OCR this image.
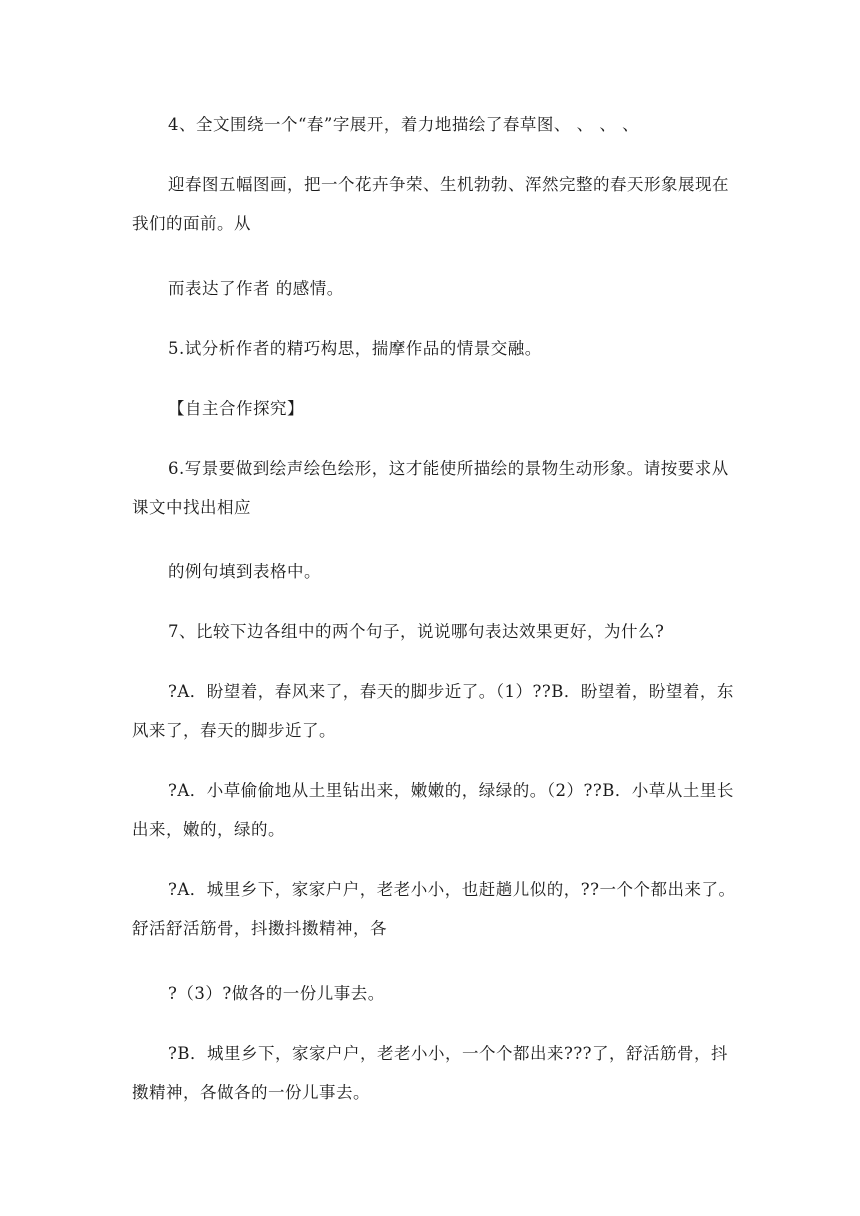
4、全文围绕一个“春”字展开，着力地描绘了春草图、 、 、 、
迎春图五幅图画，把一个花卉争荣、生机勃勃、浑然完整的春天形象展现在
我们的面前。从
而表达了作者 的感情。
5.试分析作者的精巧构思，揣摩作品的情景交融。
【自主合作探究】
6.写景要做到绘声绘色绘形，这才能使所描绘的景物生动形象。请按要求从
课文中找出相应
的例句填到表格中。
7、比较下边各组中的两个句子，说说哪句表达效果更好，为什么?
?A．盼望着，春风来了，春天的脚步近了。（1）??B．盼望着，盼望着，东
风来了，春天的脚步近了。
?A．小草偷偷地从土里钻出来，嫩嫩的，绿绿的。（2）??B．小草从土里长
出来，嫩的，绿的。
?A．城里乡下，家家户户，老老小小，也赶趟儿似的，??一个个都出来了。
舒活舒活筋骨，抖擞抖擞精神，各
?（3）?做各的一份儿事去。
?B．城里乡下，家家户户，老老小小，一个个都出来???了，舒活筋骨，抖
擞精神，各做各的一份儿事去。
